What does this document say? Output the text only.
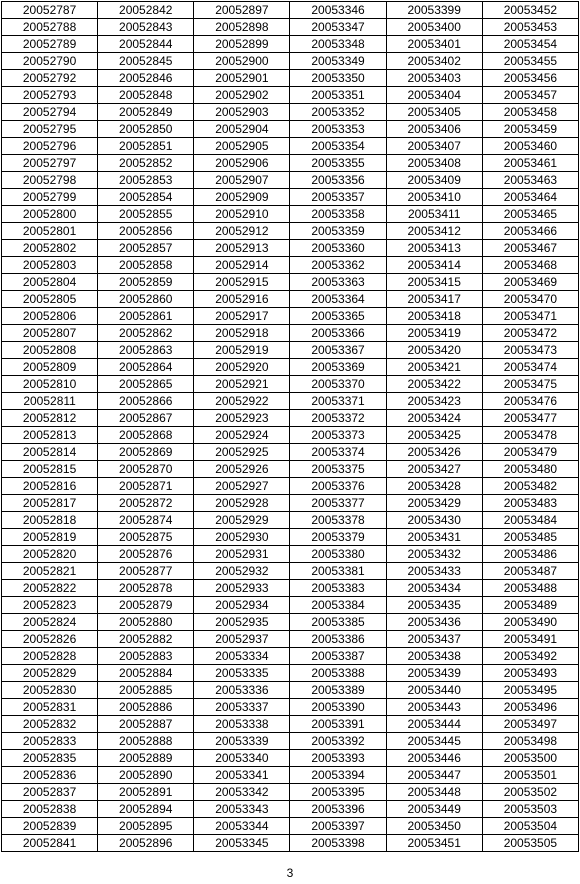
20052787	20052842	20052897	20053346	20053399	20053452
20052788	20052843	20052898	20053347	20053400	20053453
20052789	20052844	20052899	20053348	20053401	20053454
20052790	20052845	20052900	20053349	20053402	20053455
20052792	20052846	20052901	20053350	20053403	20053456
20052793	20052848	20052902	20053351	20053404	20053457
20052794	20052849	20052903	20053352	20053405	20053458
20052795	20052850	20052904	20053353	20053406	20053459
20052796	20052851	20052905	20053354	20053407	20053460
20052797	20052852	20052906	20053355	20053408	20053461
20052798	20052853	20052907	20053356	20053409	20053463
20052799	20052854	20052909	20053357	20053410	20053464
20052800	20052855	20052910	20053358	20053411	20053465
20052801	20052856	20052912	20053359	20053412	20053466
20052802	20052857	20052913	20053360	20053413	20053467
20052803	20052858	20052914	20053362	20053414	20053468
20052804	20052859	20052915	20053363	20053415	20053469
20052805	20052860	20052916	20053364	20053417	20053470
20052806	20052861	20052917	20053365	20053418	20053471
20052807	20052862	20052918	20053366	20053419	20053472
20052808	20052863	20052919	20053367	20053420	20053473
20052809	20052864	20052920	20053369	20053421	20053474
20052810	20052865	20052921	20053370	20053422	20053475
20052811	20052866	20052922	20053371	20053423	20053476
20052812	20052867	20052923	20053372	20053424	20053477
20052813	20052868	20052924	20053373	20053425	20053478
20052814	20052869	20052925	20053374	20053426	20053479
20052815	20052870	20052926	20053375	20053427	20053480
20052816	20052871	20052927	20053376	20053428	20053482
20052817	20052872	20052928	20053377	20053429	20053483
20052818	20052874	20052929	20053378	20053430	20053484
20052819	20052875	20052930	20053379	20053431	20053485
20052820	20052876	20052931	20053380	20053432	20053486
20052821	20052877	20052932	20053381	20053433	20053487
20052822	20052878	20052933	20053383	20053434	20053488
20052823	20052879	20052934	20053384	20053435	20053489
20052824	20052880	20052935	20053385	20053436	20053490
20052826	20052882	20052937	20053386	20053437	20053491
20052828	20052883	20053334	20053387	20053438	20053492
20052829	20052884	20053335	20053388	20053439	20053493
20052830	20052885	20053336	20053389	20053440	20053495
20052831	20052886	20053337	20053390	20053443	20053496
20052832	20052887	20053338	20053391	20053444	20053497
20052833	20052888	20053339	20053392	20053445	20053498
20052835	20052889	20053340	20053393	20053446	20053500
20052836	20052890	20053341	20053394	20053447	20053501
20052837	20052891	20053342	20053395	20053448	20053502
20052838	20052894	20053343	20053396	20053449	20053503
20052839	20052895	20053344	20053397	20053450	20053504
20052841	20052896	20053345	20053398	20053451	20053505
3
